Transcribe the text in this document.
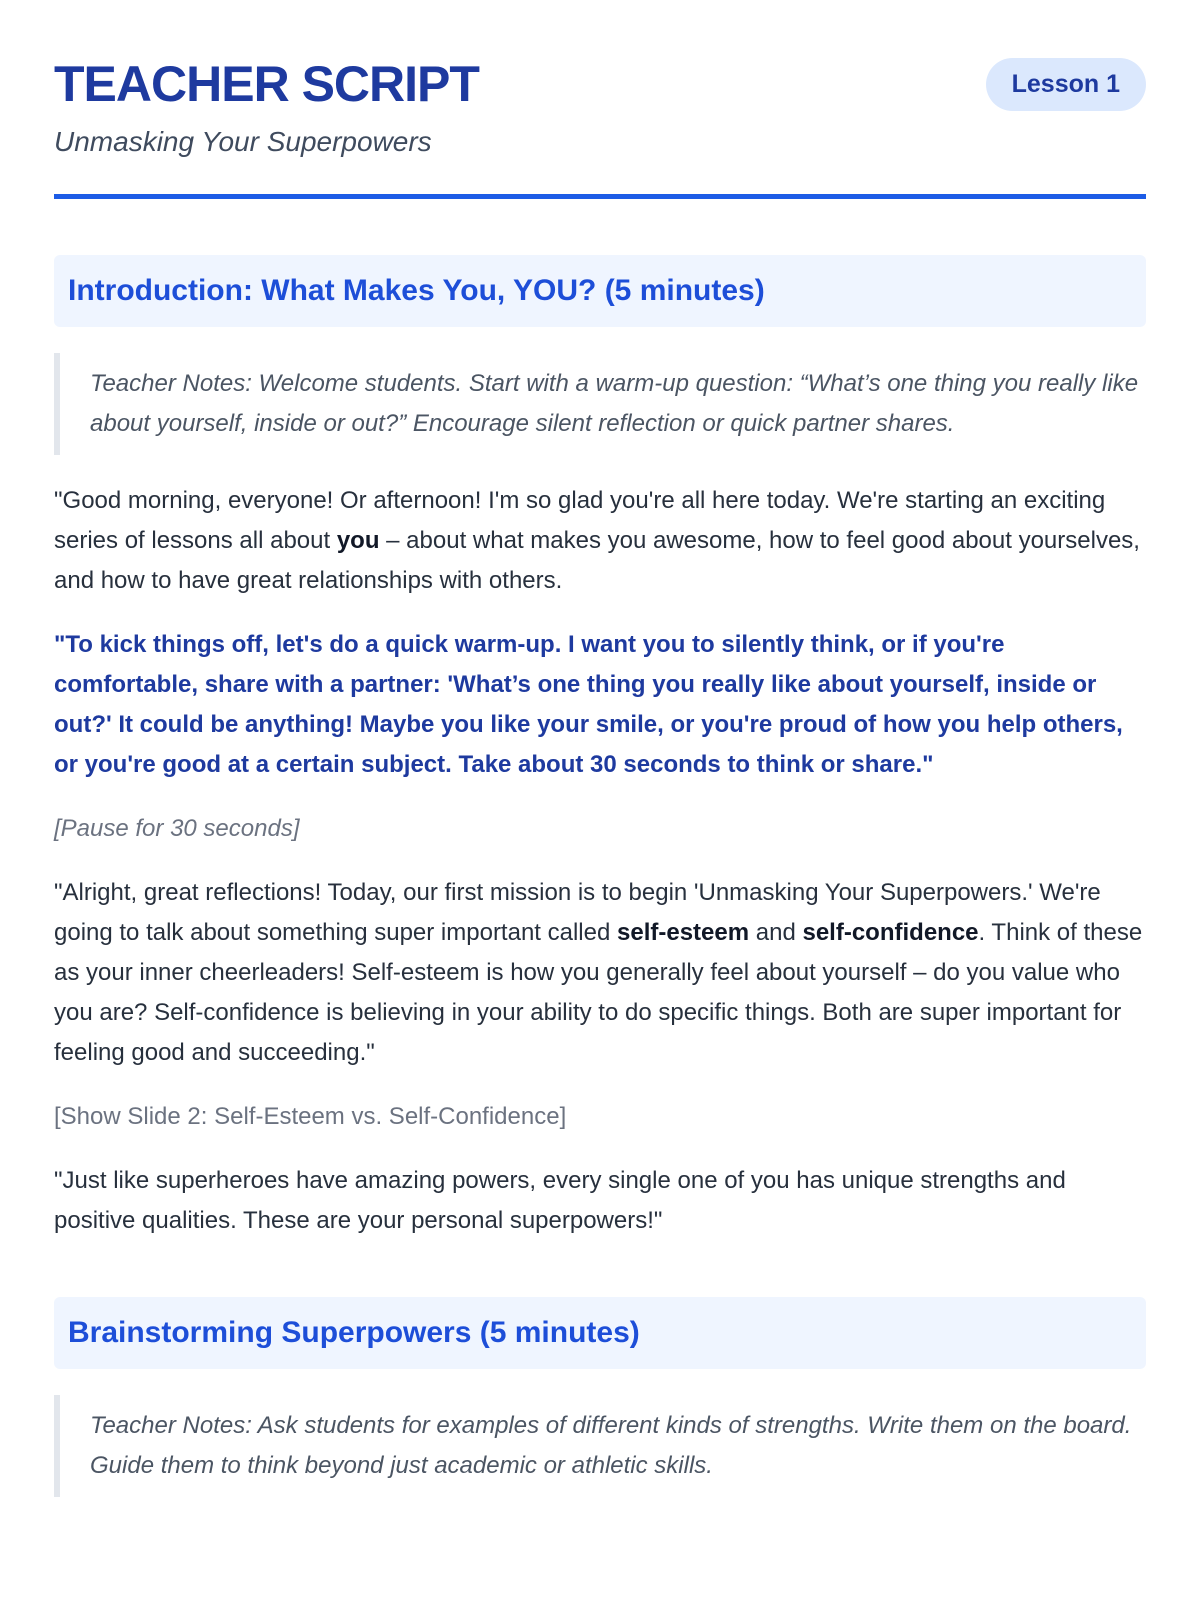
TEACHER SCRIPT
Unmasking Your Superpowers
Lesson 1
Introduction: What Makes You, YOU? (5 minutes)
Teacher Notes: Welcome students. Start with a warm-up question: “What’s one thing you really like about yourself, inside or out?” Encourage silent reflection or quick partner shares.

"Good morning, everyone! Or afternoon! I'm so glad you're all here today. We're starting an exciting series of lessons all about you – about what makes you awesome, how to feel good about yourselves, and how to have great relationships with others.

"To kick things off, let's do a quick warm-up. I want you to silently think, or if you're comfortable, share with a partner: 'What’s one thing you really like about yourself, inside or out?' It could be anything! Maybe you like your smile, or you're proud of how you help others, or you're good at a certain subject. Take about 30 seconds to think or share."

[Pause for 30 seconds]

"Alright, great reflections! Today, our first mission is to begin 'Unmasking Your Superpowers.' We're going to talk about something super important called self-esteem and self-confidence. Think of these as your inner cheerleaders! Self-esteem is how you generally feel about yourself – do you value who you are? Self-confidence is believing in your ability to do specific things. Both are super important for feeling good and succeeding."

[Show Slide 2: Self-Esteem vs. Self-Confidence]

"Just like superheroes have amazing powers, every single one of you has unique strengths and positive qualities. These are your personal superpowers!"

Brainstorming Superpowers (5 minutes)
Teacher Notes: Ask students for examples of different kinds of strengths. Write them on the board. Guide them to think beyond just academic or athletic skills.
